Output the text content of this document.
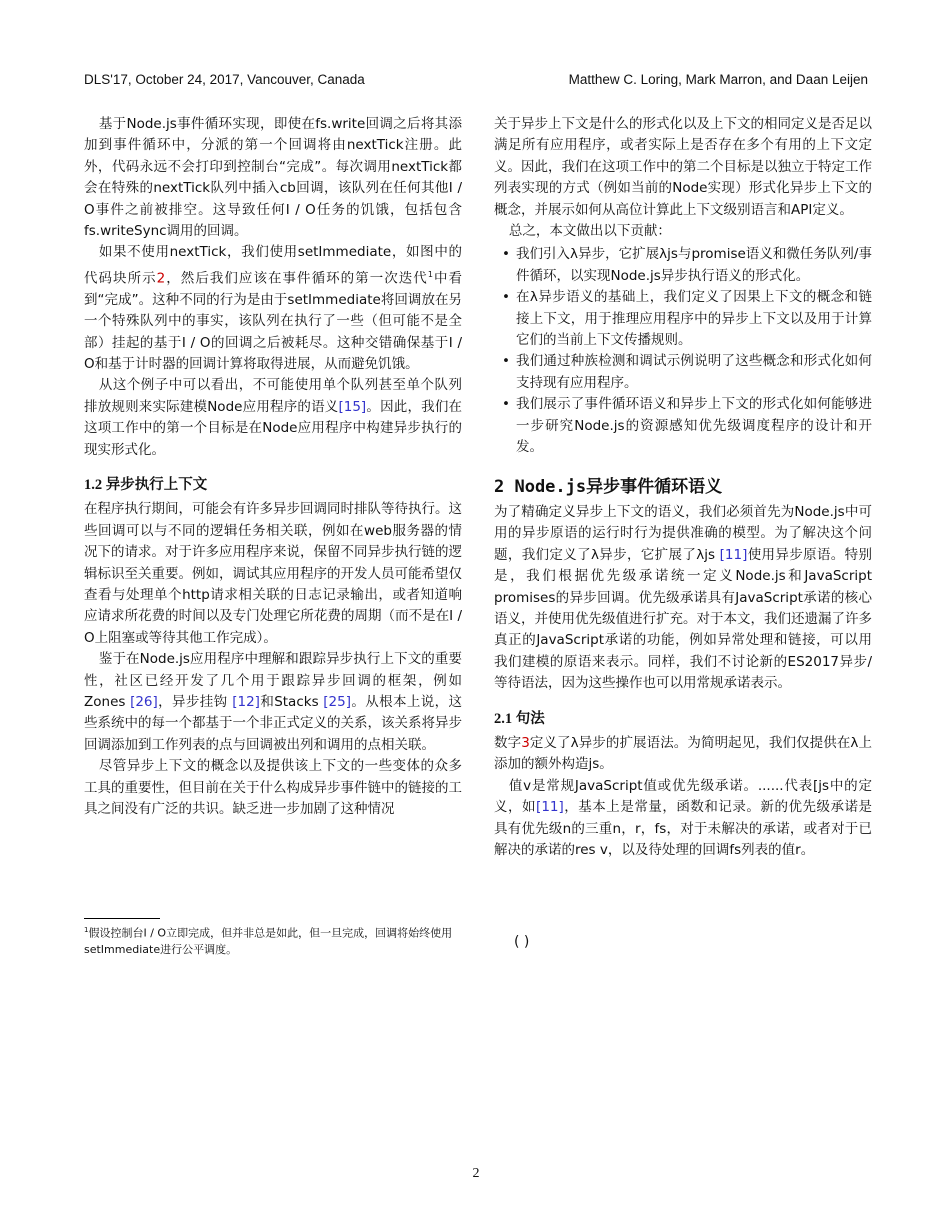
DLS'17, October 24, 2017, Vancouver, Canada	Matthew C. Loring, Mark Marron, and Daan Leijen

基于Node.js事件循环实现，即使在fs.write回调之后将其添加到事件循环中，分派的第一个回调将由nextTick注册。此外，代码永远不会打印到控制台“完成”。每次调用nextTick都会在特殊的nextTick队列中插入cb回调，该队列在任何其他I / O事件之前被排空。这导致任何I / O任务的饥饿，包括包含fs.writeSync调用的回调。

如果不使用nextTick，我们使用setImmediate，如图中的代码块所示2，然后我们应该在事件循环的第一次迭代$^1$中看到“完成”。这种不同的行为是由于setImmediate将回调放在另一个特殊队列中的事实，该队列在执行了一些（但可能不是全部）挂起的基于I / O的回调之后被耗尽。这种交错确保基于I / O和基于计时器的回调计算将取得进展，从而避免饥饿。

从这个例子中可以看出，不可能使用单个队列甚至单个队列排放规则来实际建模Node应用程序的语义[15]。因此，我们在这项工作中的第一个目标是在Node应用程序中构建异步执行的现实形式化。

1.2 异步执行上下文

在程序执行期间，可能会有许多异步回调同时排队等待执行。这些回调可以与不同的逻辑任务相关联，例如在web服务器的情况下的请求。对于许多应用程序来说，保留不同异步执行链的逻辑标识至关重要。例如，调试其应用程序的开发人员可能希望仅查看与处理单个http请求相关联的日志记录输出，或者知道响应请求所花费的时间以及专门处理它所花费的周期（而不是在I / O上阻塞或等待其他工作完成）。

鉴于在Node.js应用程序中理解和跟踪异步执行上下文的重要性，社区已经开发了几个用于跟踪异步回调的框架，例如Zones [26]，异步挂钩 [12]和Stacks [25]。从根本上说，这些系统中的每一个都基于一个非正式定义的关系，该关系将异步回调添加到工作列表的点与回调被出列和调用的点相关联。

尽管异步上下文的概念以及提供该上下文的一些变体的众多工具的重要性，但目前在关于什么构成异步事件链中的链接的工具之间没有广泛的共识。缺乏进一步加剧了这种情况

$^1$假设控制台I / O立即完成，但并非总是如此，但一旦完成，回调将始终使用setImmediate进行公平调度。

关于异步上下文是什么的形式化以及上下文的相同定义是否足以满足所有应用程序，或者实际上是否存在多个有用的上下文定义。因此，我们在这项工作中的第二个目标是以独立于特定工作列表实现的方式（例如当前的Node实现）形式化异步上下文的概念，并展示如何从高位计算此上下文级别语言和API定义。

总之，本文做出以下贡献：

• 我们引入λ异步，它扩展λjs与promise语义和微任务队列/事件循环，以实现Node.js异步执行语义的形式化。
• 在λ异步语义的基础上，我们定义了因果上下文的概念和链接上下文，用于推理应用程序中的异步上下文以及用于计算它们的当前上下文传播规则。
• 我们通过种族检测和调试示例说明了这些概念和形式化如何支持现有应用程序。
• 我们展示了事件循环语义和异步上下文的形式化如何能够进一步研究Node.js的资源感知优先级调度程序的设计和开发。
2 Node.js异步事件循环语义

为了精确定义异步上下文的语义，我们必须首先为Node.js中可用的异步原语的运行时行为提供准确的模型。为了解决这个问题，我们定义了λ异步，它扩展了λjs [11]使用异步原语。特别是，我们根据优先级承诺统一定义Node.js和JavaScript promises的异步回调。优先级承诺具有JavaScript承诺的核心语义，并使用优先级值进行扩充。对于本文，我们还遗漏了许多真正的JavaScript承诺的功能，例如异常处理和链接，可以用我们建模的原语来表示。同样，我们不讨论新的ES2017异步/等待语法，因为这些操作也可以用常规承诺表示。

2.1 句法

数字3定义了λ异步的扩展语法。为简明起见，我们仅提供在λ上添加的额外构造js。

值v是常规JavaScript值或优先级承诺。......代表[js中的定义，如[11]，基本上是常量，函数和记录。新的优先级承诺是具有优先级n的三重n，r，fs，对于未解决的承诺，或者对于已解决的承诺的res v，以及待处理的回调fs列表的值r。

( )
2
